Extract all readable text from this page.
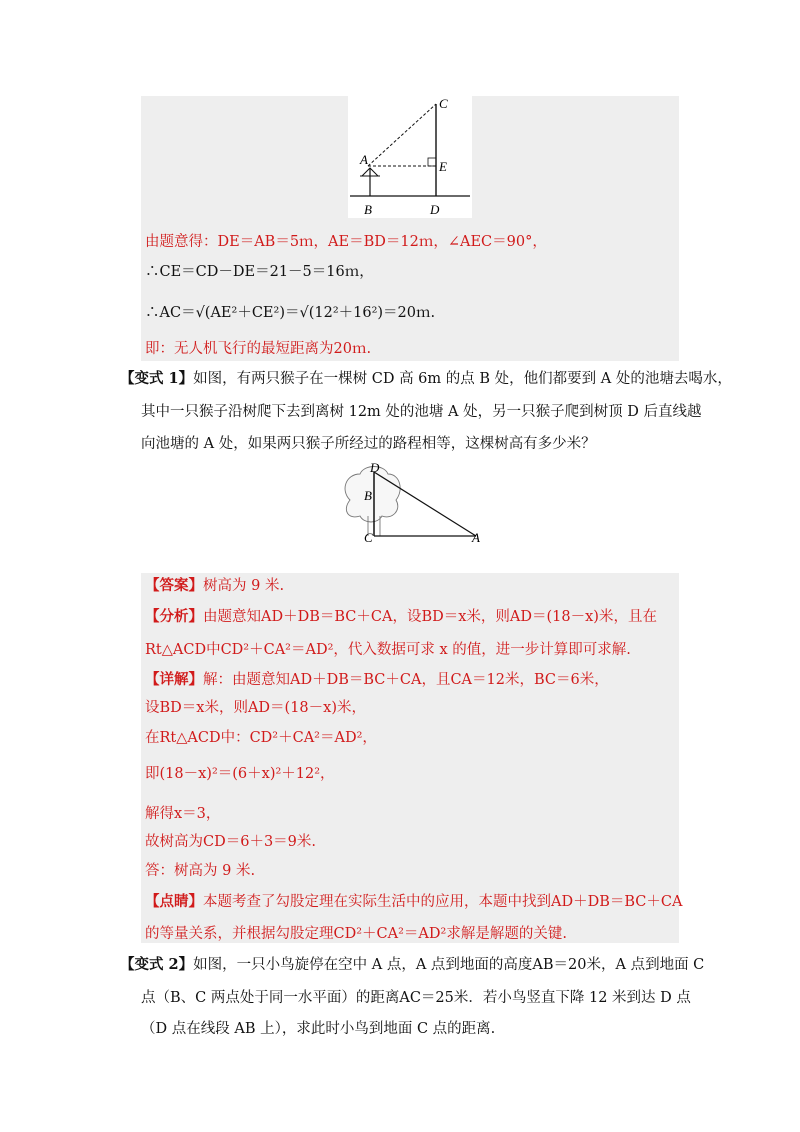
C
A	E
B	D
由题意得：DE＝AB＝5ｍ，AE＝BD＝12ｍ，∠AEC＝90°，
∴CE＝CD－DE＝21－5＝16ｍ，
∴AC＝√(AE²＋CE²)＝√(12²＋16²)＝20ｍ.
即：无人机飞行的最短距离为20ｍ.
【变式 1】如图，有两只猴子在一棵树 CD 高 6m 的点 B 处，他们都要到 A 处的池塘去喝水，
其中一只猴子沿树爬下去到离树 12m 处的池塘 A 处，另一只猴子爬到树顶 D 后直线越
向池塘的 A 处，如果两只猴子所经过的路程相等，这棵树高有多少米？
D
B
C	A
【答案】树高为 9 米.
【分析】由题意知AD＋DB＝BC＋CA，设BD＝x米，则AD＝(18－x)米，且在
Rt△ACD中CD²＋CA²＝AD²，代入数据可求 x 的值，进一步计算即可求解.
【详解】解：由题意知AD＋DB＝BC＋CA，且CA＝12米，BC＝6米，
设BD＝x米，则AD＝(18－x)米，
在Rt△ACD中：CD²＋CA²＝AD²，
即(18－x)²＝(6＋x)²＋12²，
解得x＝3，
故树高为CD＝6＋3＝9米.
答：树高为 9 米.
【点睛】本题考查了勾股定理在实际生活中的应用，本题中找到AD＋DB＝BC＋CA
的等量关系，并根据勾股定理CD²＋CA²＝AD²求解是解题的关键.
【变式 2】如图，一只小鸟旋停在空中 A 点，A 点到地面的高度AB＝20米，A 点到地面 C
点（B、C 两点处于同一水平面）的距离AC＝25米．若小鸟竖直下降 12 米到达 D 点
（D 点在线段 AB 上），求此时小鸟到地面 C 点的距离.
